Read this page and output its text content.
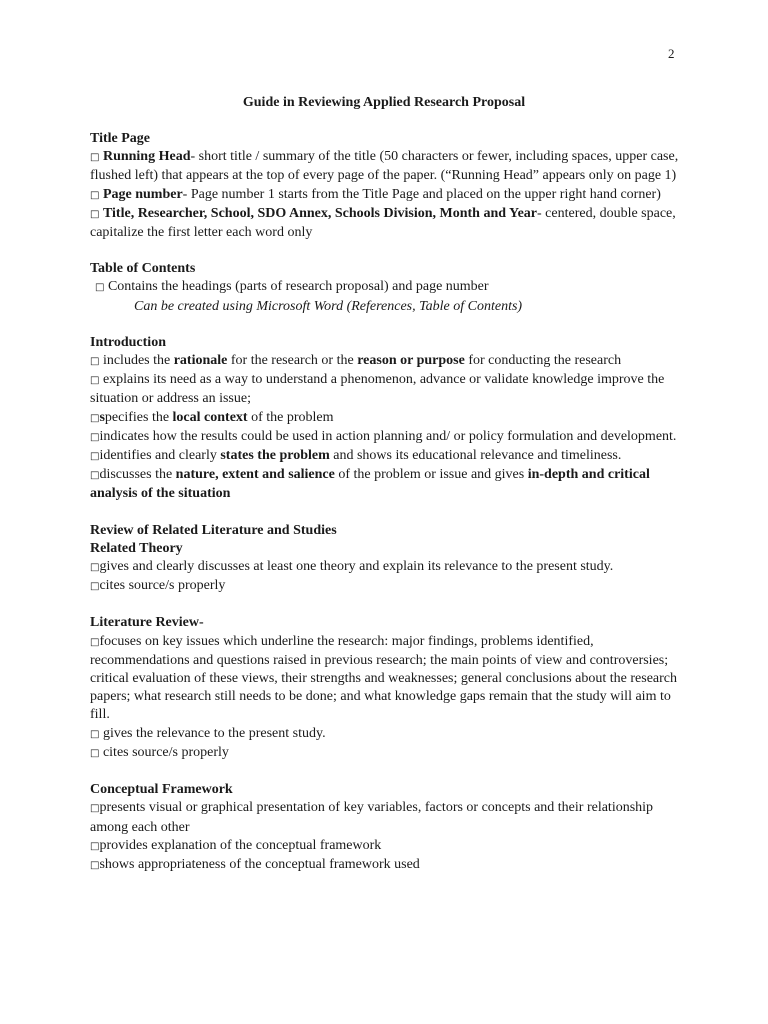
2
Guide in Reviewing Applied Research Proposal
Title Page

□ Running Head- short title / summary of the title (50 characters or fewer, including spaces, upper case, flushed left) that appears at the top of every page of the paper. (“Running Head” appears only on page 1)

□ Page number- Page number 1 starts from the Title Page and placed on the upper right hand corner)

□ Title, Researcher, School, SDO Annex, Schools Division, Month and Year- centered, double space, capitalize the first letter each word only

Table of Contents

□ Contains the headings (parts of research proposal) and page number

Can be created using Microsoft Word (References, Table of Contents)

Introduction

□ includes the rationale for the research or the reason or purpose for conducting the research

□ explains its need as a way to understand a phenomenon, advance or validate knowledge improve the situation or address an issue;

□specifies the local context of the problem

□indicates how the results could be used in action planning and/ or policy formulation and development.

□identifies and clearly states the problem and shows its educational relevance and timeliness.

□discusses the nature, extent and salience of the problem or issue and gives in-depth and critical analysis of the situation

Review of Related Literature and Studies
Related Theory

□gives and clearly discusses at least one theory and explain its relevance to the present study.

□cites source/s properly

Literature Review-

□focuses on key issues which underline the research: major findings, problems identified, recommendations and questions raised in previous research; the main points of view and controversies; critical evaluation of these views, their strengths and weaknesses; general conclusions about the research papers; what research still needs to be done; and what knowledge gaps remain that the study will aim to fill.

□ gives the relevance to the present study.

□ cites source/s properly

Conceptual Framework

□presents visual or graphical presentation of key variables, factors or concepts and their relationship among each other

□provides explanation of the conceptual framework

□shows appropriateness of the conceptual framework used
